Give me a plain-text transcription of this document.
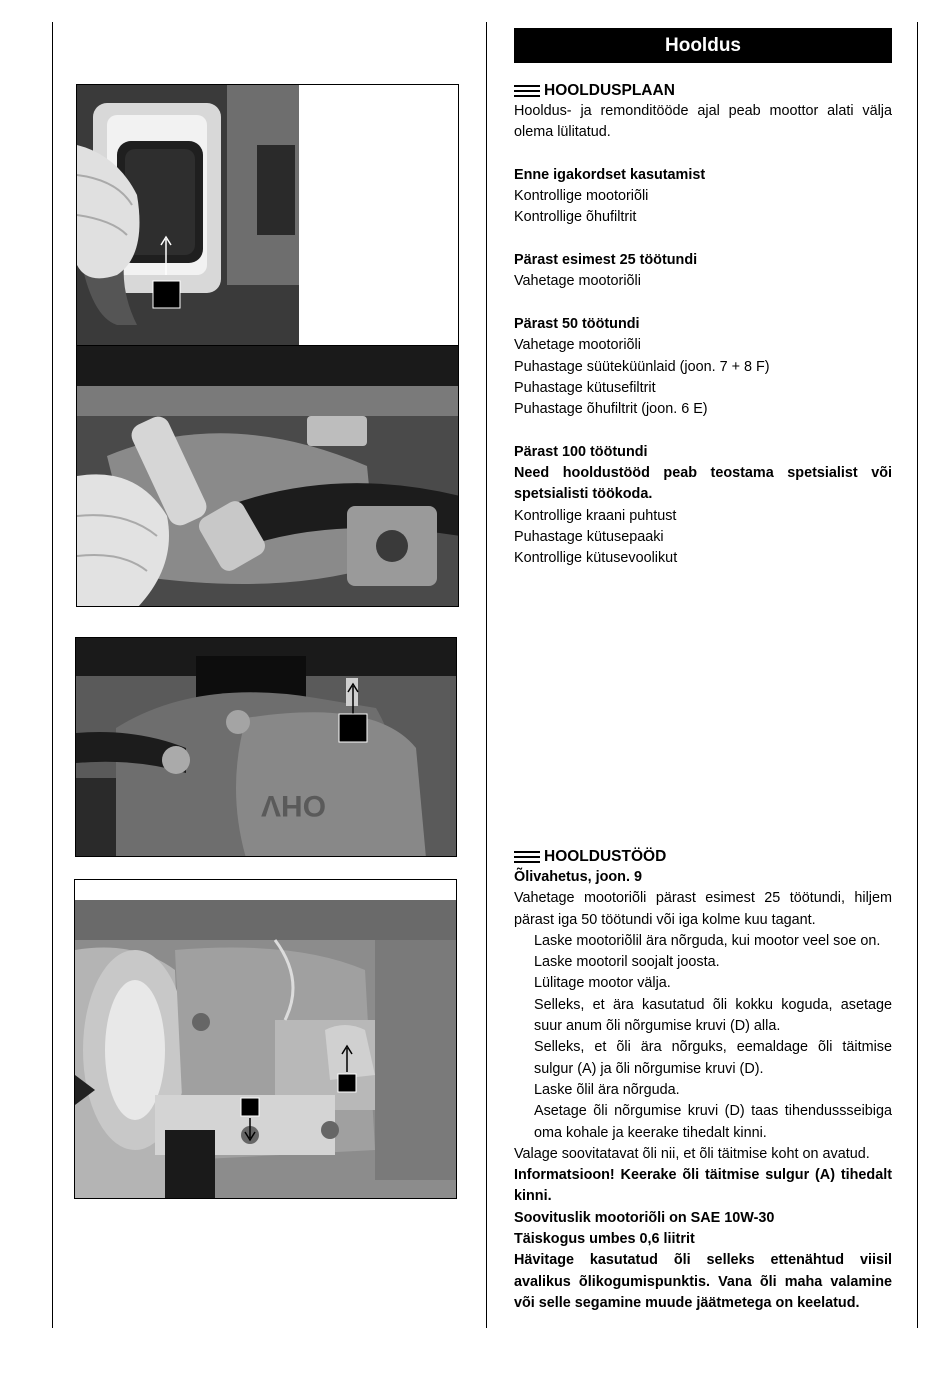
OHV
Hooldus
HOOLDUSPLAAN

Hooldus- ja remonditööde ajal peab moottor alati välja olema lülitatud.

Enne igakordset kasutamist

Kontrollige mootoriõli

Kontrollige õhufiltrit

Pärast esimest 25 töötundi

Vahetage mootoriõli

Pärast 50 töötundi

Vahetage mootoriõli

Puhastage süüteküünlaid (joon. 7 + 8 F)

Puhastage kütusefiltrit

Puhastage õhufiltrit (joon. 6 E)

Pärast 100 töötundi

Need hooldustööd peab teostama spetsialist või spetsialisti töökoda.

Kontrollige kraani puhtust

Puhastage kütusepaaki

Kontrollige kütusevoolikut

HOOLDUSTÖÖD

Õlivahetus, joon. 9

Vahetage mootoriõli pärast esimest 25 töötundi, hiljem pärast iga 50 töötundi või iga kolme kuu tagant.

Laske mootoriõlil ära nõrguda, kui mootor veel soe on.

Laske mootoril soojalt joosta.

Lülitage mootor välja.

Selleks, et ära kasutatud õli kokku koguda, asetage suur anum õli nõrgumise kruvi (D) alla.

Selleks, et õli ära nõrguks, eemaldage õli täitmise sulgur (A) ja õli nõrgumise kruvi (D).

Laske õlil ära nõrguda.

Asetage õli nõrgumise kruvi (D) taas tihendussseibiga oma kohale ja keerake tihedalt kinni.

Valage soovitatavat õli nii, et õli täitmise koht on avatud.

Informatsioon! Keerake õli täitmise sulgur (A) tihedalt kinni.

Soovituslik mootoriõli on SAE 10W-30

Täiskogus umbes 0,6 liitrit

Hävitage kasutatud õli selleks ettenähtud viisil avalikus õlikogumispunktis. Vana õli maha valamine või selle segamine muude jäätmetega on keelatud.
